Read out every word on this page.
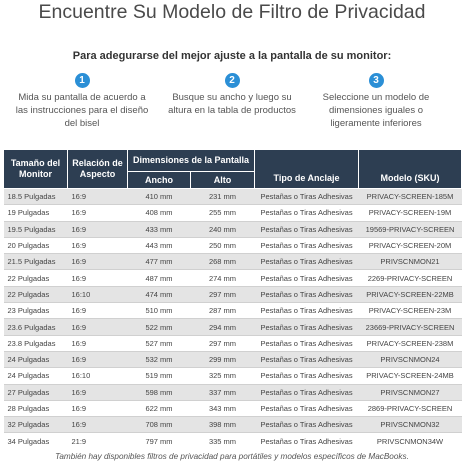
Encuentre Su Modelo de Filtro de Privacidad
Para adegurarse del mejor ajuste a la pantalla de su monitor:
1
Mida su pantalla de acuerdo a las instrucciones para el diseño del bisel
2
Busque su ancho y luego su altura en la tabla de productos
3
Seleccione un modelo de dimensiones iguales o ligeramente inferiores
Tamaño del Monitor	Relación de Aspecto	Dimensiones de la Pantalla		Tipo de Anclaje	Modelo (SKU)
		Ancho	Alto		
18.5 Pulgadas	16:9	410 mm	231 mm	Pestañas o Tiras Adhesivas	PRIVACY-SCREEN-185M
19 Pulgadas	16:9	408 mm	255 mm	Pestañas o Tiras Adhesivas	PRIVACY-SCREEN-19M
19.5 Pulgadas	16:9	433 mm	240 mm	Pestañas o Tiras Adhesivas	19569-PRIVACY-SCREEN
20 Pulgadas	16:9	443 mm	250 mm	Pestañas o Tiras Adhesivas	PRIVACY-SCREEN-20M
21.5 Pulgadas	16:9	477 mm	268 mm	Pestañas o Tiras Adhesivas	PRIVSCNMON21
22 Pulgadas	16:9	487 mm	274 mm	Pestañas o Tiras Adhesivas	2269-PRIVACY-SCREEN
22 Pulgadas	16:10	474 mm	297 mm	Pestañas o Tiras Adhesivas	PRIVACY-SCREEN-22MB
23 Pulgadas	16:9	510 mm	287 mm	Pestañas o Tiras Adhesivas	PRIVACY-SCREEN-23M
23.6 Pulgadas	16:9	522 mm	294 mm	Pestañas o Tiras Adhesivas	23669-PRIVACY-SCREEN
23.8 Pulgadas	16:9	527 mm	297 mm	Pestañas o Tiras Adhesivas	PRIVACY-SCREEN-238M
24 Pulgadas	16:9	532 mm	299 mm	Pestañas o Tiras Adhesivas	PRIVSCNMON24
24 Pulgadas	16:10	519 mm	325 mm	Pestañas o Tiras Adhesivas	PRIVACY-SCREEN-24MB
27 Pulgadas	16:9	598 mm	337 mm	Pestañas o Tiras Adhesivas	PRIVSCNMON27
28 Pulgadas	16:9	622 mm	343 mm	Pestañas o Tiras Adhesivas	2869-PRIVACY-SCREEN
32 Pulgadas	16:9	708 mm	398 mm	Pestañas o Tiras Adhesivas	PRIVSCNMON32
34 Pulgadas	21:9	797 mm	335 mm	Pestañas o Tiras Adhesivas	PRIVSCNMON34W
También hay disponibles filtros de privacidad para portátiles y modelos específicos de MacBooks.
